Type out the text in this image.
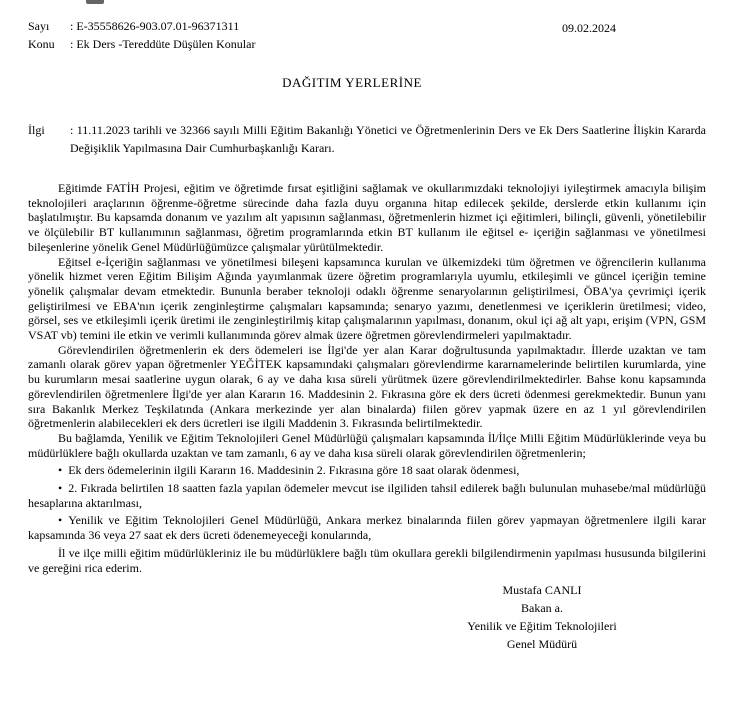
09.02.2024
Sayı	: E-35558626-903.07.01-96371311
Konu	: Ek Ders -Tereddüte Düşülen Konular
DAĞITIM YERLERİNE
İlgi	: 11.11.2023 tarihli ve 32366 sayılı Milli Eğitim Bakanlığı Yönetici ve Öğretmenlerinin Ders ve Ek Ders Saatlerine İlişkin Kararda Değişiklik Yapılmasına Dair Cumhurbaşkanlığı Kararı.

Eğitimde FATİH Projesi, eğitim ve öğretimde fırsat eşitliğini sağlamak ve okullarımızdaki teknolojiyi iyileştirmek amacıyla bilişim teknolojileri araçlarının öğrenme-öğretme sürecinde daha fazla duyu organına hitap edilecek şekilde, derslerde etkin kullanımı için başlatılmıştır. Bu kapsamda donanım ve yazılım alt yapısının sağlanması, öğretmenlerin hizmet içi eğitimleri, bilinçli, güvenli, yönetilebilir ve ölçülebilir BT kullanımının sağlanması, öğretim programlarında etkin BT kullanım ile eğitsel e- içeriğin sağlanması ve yönetilmesi bileşenlerine yönelik Genel Müdürlüğümüzce çalışmalar yürütülmektedir.

Eğitsel e-İçeriğin sağlanması ve yönetilmesi bileşeni kapsamınca kurulan ve ülkemizdeki tüm öğretmen ve öğrencilerin kullanıma yönelik hizmet veren Eğitim Bilişim Ağında yayımlanmak üzere öğretim programlarıyla uyumlu, etkileşimli ve güncel içeriğin temine yönelik çalışmalar devam etmektedir. Bununla beraber teknoloji odaklı öğrenme senaryolarının geliştirilmesi, ÖBA'ya çevrimiçi içerik geliştirilmesi ve EBA'nın içerik zenginleştirme çalışmaları kapsamında; senaryo yazımı, denetlenmesi ve içeriklerin üretilmesi; video, görsel, ses ve etkileşimli içerik üretimi ile zenginleştirilmiş kitap çalışmalarının yapılması, donanım, okul içi ağ alt yapı, erişim (VPN, GSM VSAT vb) temini ile etkin ve verimli kullanımında görev almak üzere öğretmen görevlendirmeleri yapılmaktadır.

Görevlendirilen öğretmenlerin ek ders ödemeleri ise İlgi'de yer alan Karar doğrultusunda yapılmaktadır. İllerde uzaktan ve tam zamanlı olarak görev yapan öğretmenler YEĞİTEK kapsamındaki çalışmaları görevlendirme kararnamelerinde belirtilen kurumlarda, yine bu kurumların mesai saatlerine uygun olarak, 6 ay ve daha kısa süreli yürütmek üzere görevlendirilmektedirler. Bahse konu kapsamında görevlendirilen öğretmenlere İlgi'de yer alan Kararın 16. Maddesinin 2. Fıkrasına göre ek ders ücreti ödenmesi gerekmektedir. Bunun yanı sıra Bakanlık Merkez Teşkilatında (Ankara merkezinde yer alan binalarda) fiilen görev yapmak üzere en az 1 yıl görevlendirilen öğretmenlerin alabilecekleri ek ders ücretleri ise ilgili Maddenin 3. Fıkrasında belirtilmektedir.

Bu bağlamda, Yenilik ve Eğitim Teknolojileri Genel Müdürlüğü çalışmaları kapsamında İl/İlçe Milli Eğitim Müdürlüklerinde veya bu müdürlüklere bağlı okullarda uzaktan ve tam zamanlı, 6 ay ve daha kısa süreli olarak görevlendirilen öğretmenlerin;

• Ek ders ödemelerinin ilgili Kararın 16. Maddesinin 2. Fıkrasına göre 18 saat olarak ödenmesi,

• 2. Fıkrada belirtilen 18 saatten fazla yapılan ödemeler mevcut ise ilgiliden tahsil edilerek bağlı bulunulan muhasebe/mal müdürlüğü hesaplarına aktarılması,

• Yenilik ve Eğitim Teknolojileri Genel Müdürlüğü, Ankara merkez binalarında fiilen görev yapmayan öğretmenlere ilgili karar kapsamında 36 veya 27 saat ek ders ücreti ödenemeyeceği konularında,

İl ve ilçe milli eğitim müdürlükleriniz ile bu müdürlüklere bağlı tüm okullara gerekli bilgilendirmenin yapılması hususunda bilgilerini ve gereğini rica ederim.

Mustafa CANLI
Bakan a.
Yenilik ve Eğitim Teknolojileri
Genel Müdürü
